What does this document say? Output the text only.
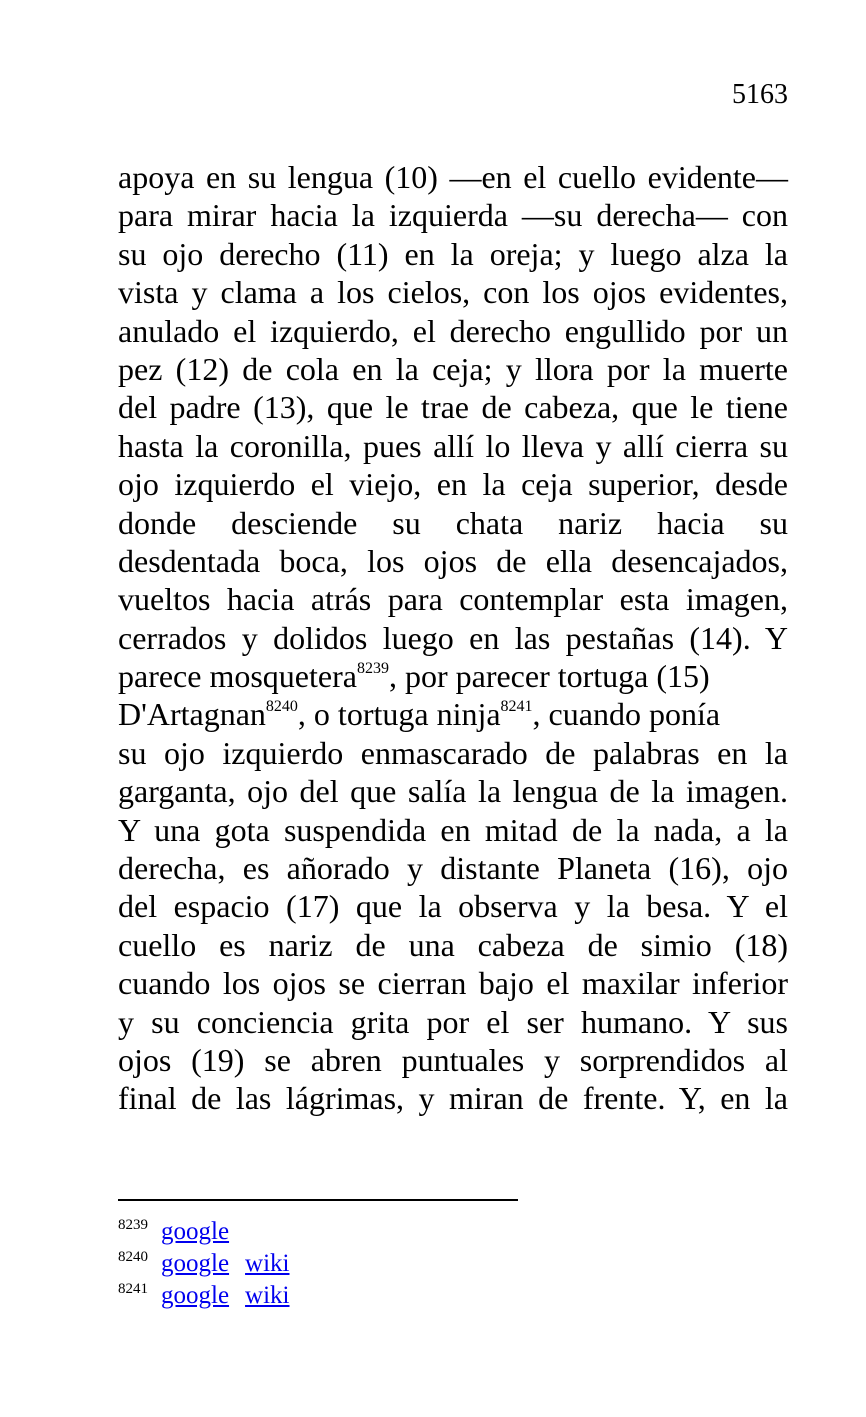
5163
apoya en su lengua (10) —en el cuello evidente—
para mirar hacia la izquierda —su derecha— con
su ojo derecho (11) en la oreja; y luego alza la
vista y clama a los cielos, con los ojos evidentes,
anulado el izquierdo, el derecho engullido por un
pez (12) de cola en la ceja; y llora por la muerte
del padre (13), que le trae de cabeza, que le tiene
hasta la coronilla, pues allí lo lleva y allí cierra su
ojo izquierdo el viejo, en la ceja superior, desde
donde desciende su chata nariz hacia su
desdentada boca, los ojos de ella desencajados,
vueltos hacia atrás para contemplar esta imagen,
cerrados y dolidos luego en las pestañas (14). Y
parece mosquetera$^{8239}$, por parecer tortuga (15)
D'Artagnan$^{8240}$, o tortuga ninja$^{8241}$, cuando ponía
su ojo izquierdo enmascarado de palabras en la
garganta, ojo del que salía la lengua de la imagen.
Y una gota suspendida en mitad de la nada, a la
derecha, es añorado y distante Planeta (16), ojo
del espacio (17) que la observa y la besa. Y el
cuello es nariz de una cabeza de simio (18)
cuando los ojos se cierran bajo el maxilar inferior
y su conciencia grita por el ser humano. Y sus
ojos (19) se abren puntuales y sorprendidos al
final de las lágrimas, y miran de frente. Y, en la
8239 google
8240 google wiki
8241 google wiki
